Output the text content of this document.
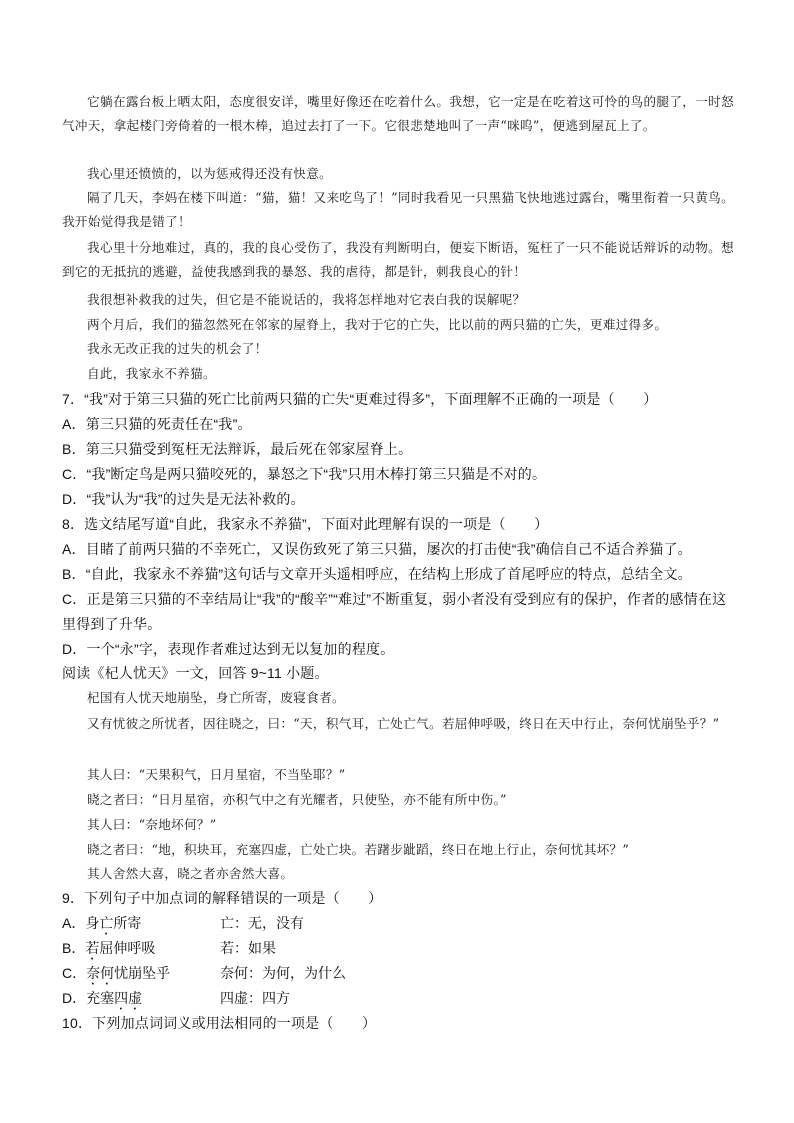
它躺在露台板上晒太阳，态度很安详，嘴里好像还在吃着什么。我想，它一定是在吃着这可怜的鸟的腿了，一时怒气冲天，拿起楼门旁倚着的一根木棒，追过去打了一下。它很悲楚地叫了一声“咪呜”，便逃到屋瓦上了。

我心里还愤愤的，以为惩戒得还没有快意。

隔了几天，李妈在楼下叫道：“猫，猫！又来吃鸟了！”同时我看见一只黑猫飞快地逃过露台，嘴里衔着一只黄鸟。我开始觉得我是错了！

我心里十分地难过，真的，我的良心受伤了，我没有判断明白，便妄下断语，冤枉了一只不能说话辩诉的动物。想到它的无抵抗的逃避，益使我感到我的暴怒、我的虐待，都是针，刺我良心的针！

我很想补救我的过失，但它是不能说话的，我将怎样地对它表白我的误解呢？

两个月后，我们的猫忽然死在邻家的屋脊上，我对于它的亡失，比以前的两只猫的亡失，更难过得多。

我永无改正我的过失的机会了！

自此，我家永不养猫。

7．“我”对于第三只猫的死亡比前两只猫的亡失“更难过得多”，下面理解不正确的一项是（　　）

A．第三只猫的死责任在“我”。

B．第三只猫受到冤枉无法辩诉，最后死在邻家屋脊上。

C．“我”断定鸟是两只猫咬死的，暴怒之下“我”只用木棒打第三只猫是不对的。

D．“我”认为“我”的过失是无法补救的。

8．选文结尾写道“自此，我家永不养猫”，下面对此理解有误的一项是（　　）

A．目睹了前两只猫的不幸死亡，又误伤致死了第三只猫，屡次的打击使“我”确信自己不适合养猫了。

B．“自此，我家永不养猫”这句话与文章开头遥相呼应，在结构上形成了首尾呼应的特点，总结全文。

C．正是第三只猫的不幸结局让“我”的“酸辛”“难过”不断重复，弱小者没有受到应有的保护，作者的感情在这里得到了升华。

D．一个“永”字，表现作者难过达到无以复加的程度。

阅读《杞人忧天》一文，回答 9~11 小题。

杞国有人忧天地崩坠，身亡所寄，废寝食者。

又有忧彼之所忧者，因往晓之，曰：“天，积气耳，亡处亡气。若屈伸呼吸，终日在天中行止，奈何忧崩坠乎？”

其人曰：“天果积气，日月星宿，不当坠耶？”

晓之者曰：“日月星宿，亦积气中之有光耀者，只使坠，亦不能有所中伤。”

其人曰：“奈地坏何？”

晓之者曰：“地，积块耳，充塞四虚，亡处亡块。若躇步跐蹈，终日在地上行止，奈何忧其坏？”

其人舍然大喜，晓之者亦舍然大喜。

9．下列句子中加点词的解释错误的一项是（　　）

A．身亡所寄	亡：无，没有
B．若屈伸呼吸	若：如果
C．奈何忧崩坠乎	奈何：为何，为什么
D．充塞四虚	四虚：四方

10．下列加点词词义或用法相同的一项是（　　）
